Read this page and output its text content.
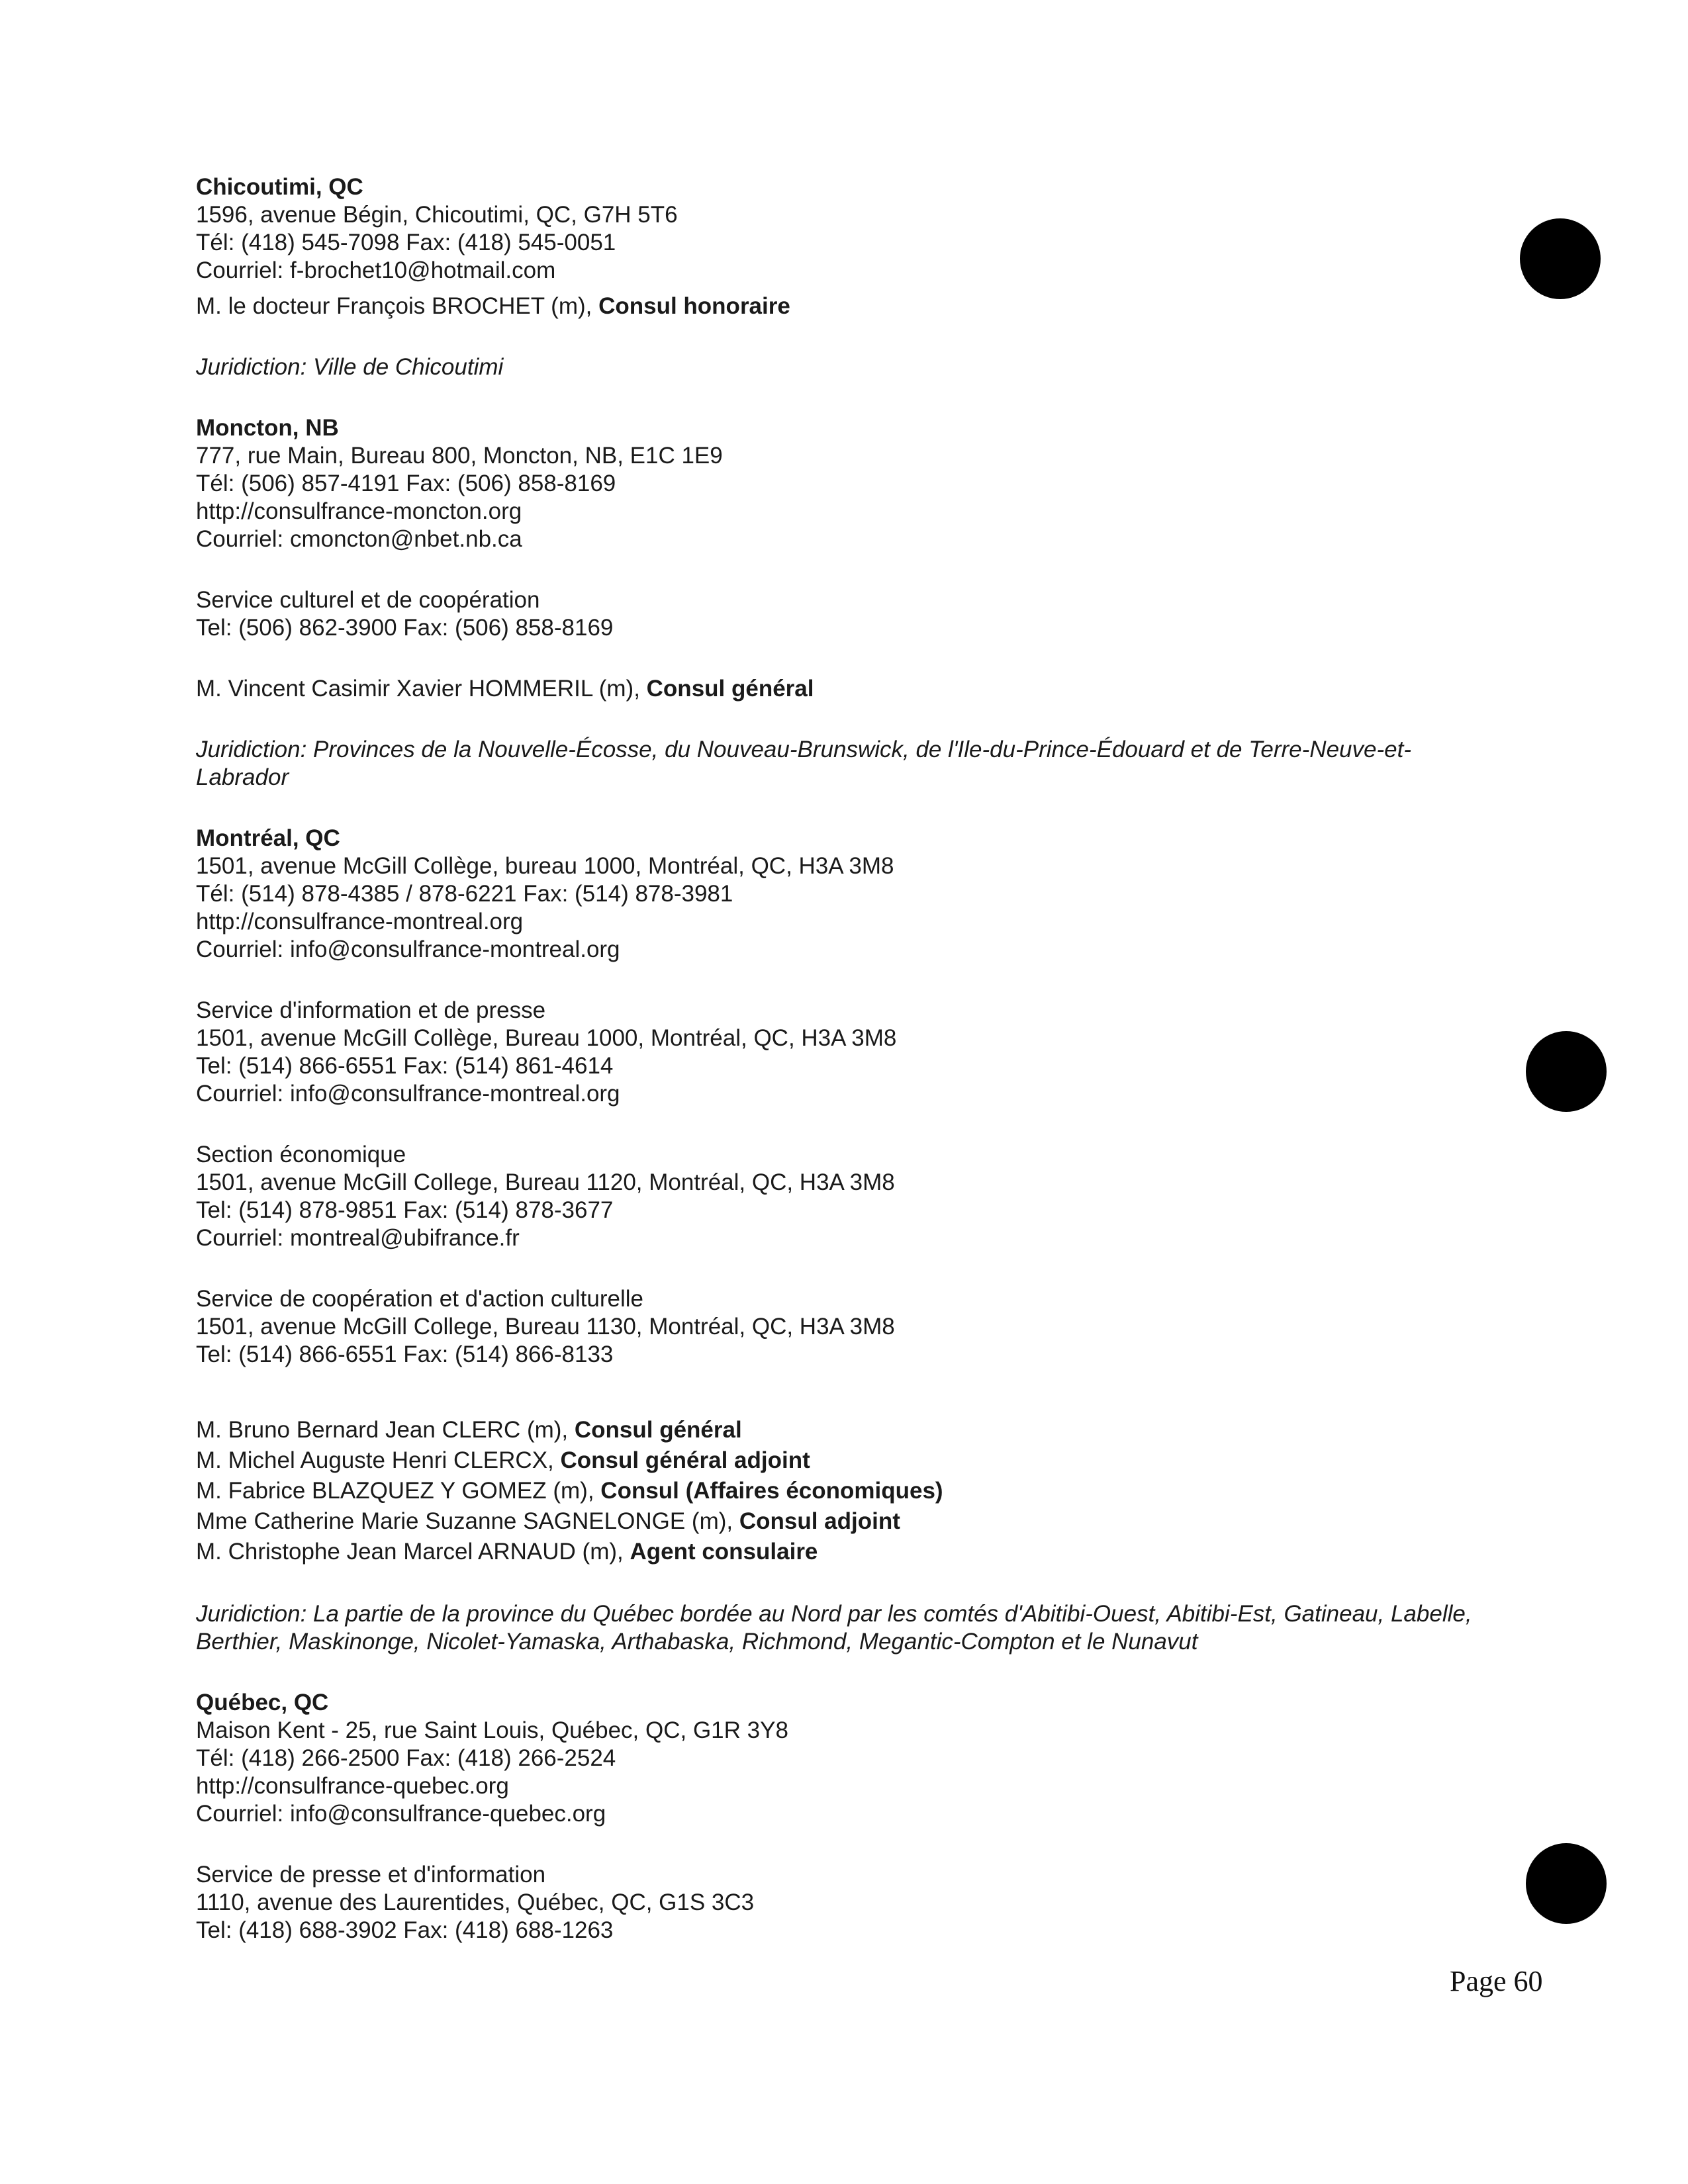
Chicoutimi, QC
1596, avenue Bégin, Chicoutimi, QC, G7H 5T6
Tél: (418) 545-7098 Fax: (418) 545-0051
Courriel: f-brochet10@hotmail.com
M. le docteur François BROCHET (m), Consul honoraire
Juridiction: Ville de Chicoutimi
Moncton, NB
777, rue Main, Bureau 800, Moncton, NB, E1C 1E9
Tél: (506) 857-4191 Fax: (506) 858-8169
http://consulfrance-moncton.org
Courriel: cmoncton@nbet.nb.ca
Service culturel et de coopération
Tel: (506) 862-3900 Fax: (506) 858-8169
M. Vincent Casimir Xavier HOMMERIL (m), Consul général
Juridiction: Provinces de la Nouvelle-Écosse, du Nouveau-Brunswick, de l'Ile-du-Prince-Édouard et de Terre-Neuve-et-Labrador
Montréal, QC
1501, avenue McGill Collège, bureau 1000, Montréal, QC, H3A 3M8
Tél: (514) 878-4385 / 878-6221 Fax: (514) 878-3981
http://consulfrance-montreal.org
Courriel: info@consulfrance-montreal.org
Service d'information et de presse
1501, avenue McGill Collège, Bureau 1000, Montréal, QC, H3A 3M8
Tel: (514) 866-6551 Fax: (514) 861-4614
Courriel: info@consulfrance-montreal.org
Section économique
1501, avenue McGill College, Bureau 1120, Montréal, QC, H3A 3M8
Tel: (514) 878-9851 Fax: (514) 878-3677
Courriel: montreal@ubifrance.fr
Service de coopération et d'action culturelle
1501, avenue McGill College, Bureau 1130, Montréal, QC, H3A 3M8
Tel: (514) 866-6551 Fax: (514) 866-8133
M. Bruno Bernard Jean CLERC (m), Consul général
M. Michel Auguste Henri CLERCX, Consul général adjoint
M. Fabrice BLAZQUEZ Y GOMEZ (m), Consul (Affaires économiques)
Mme Catherine Marie Suzanne SAGNELONGE (m), Consul adjoint
M. Christophe Jean Marcel ARNAUD (m), Agent consulaire
Juridiction: La partie de la province du Québec bordée au Nord par les comtés d'Abitibi-Ouest, Abitibi-Est, Gatineau, Labelle, Berthier, Maskinonge, Nicolet-Yamaska, Arthabaska, Richmond, Megantic-Compton et le Nunavut
Québec, QC
Maison Kent - 25, rue Saint Louis, Québec, QC, G1R 3Y8
Tél: (418) 266-2500 Fax: (418) 266-2524
http://consulfrance-quebec.org
Courriel: info@consulfrance-quebec.org
Service de presse et d'information
1110, avenue des Laurentides, Québec, QC, G1S 3C3
Tel: (418) 688-3902 Fax: (418) 688-1263
Page 60
